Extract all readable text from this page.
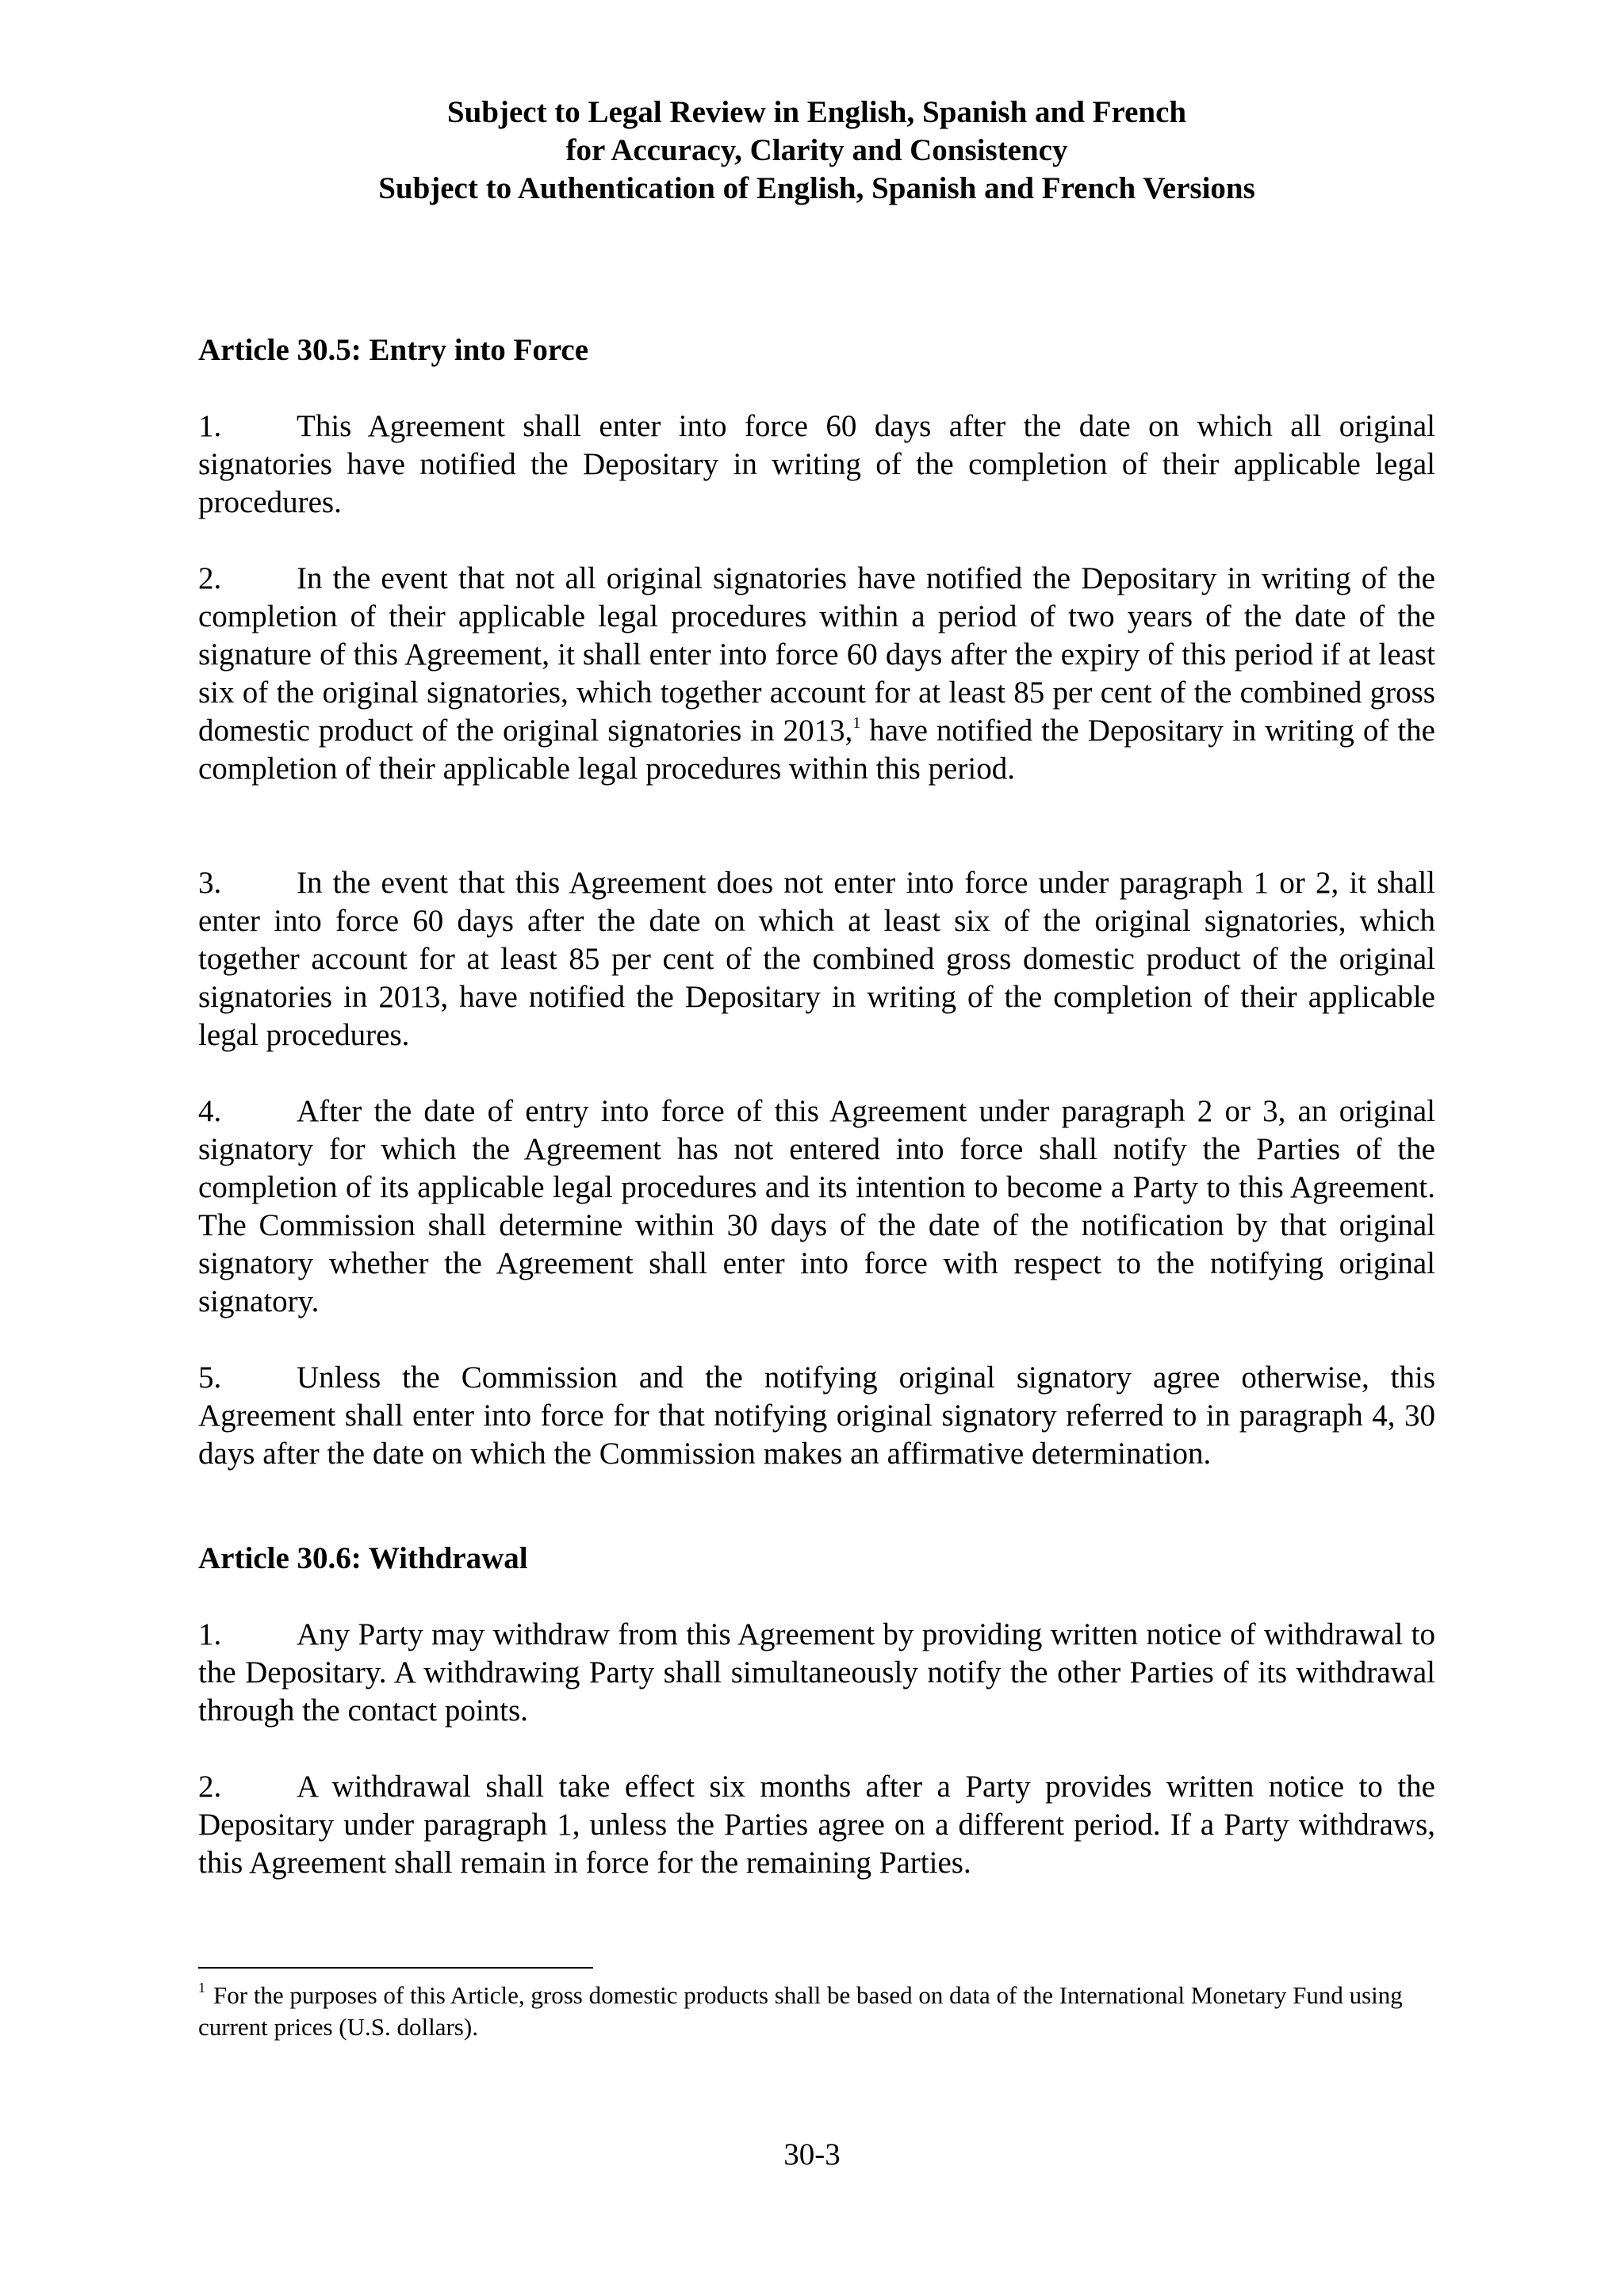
Subject to Legal Review in English, Spanish and French
for Accuracy, Clarity and Consistency
Subject to Authentication of English, Spanish and French Versions
Article 30.5: Entry into Force
1. This Agreement shall enter into force 60 days after the date on which all original signatories have notified the Depositary in writing of the completion of their applicable legal procedures.
2. In the event that not all original signatories have notified the Depositary in writing of the completion of their applicable legal procedures within a period of two years of the date of the signature of this Agreement, it shall enter into force 60 days after the expiry of this period if at least six of the original signatories, which together account for at least 85 per cent of the combined gross domestic product of the original signatories in 2013,$^1$ have notified the Depositary in writing of the completion of their applicable legal procedures within this period.
3. In the event that this Agreement does not enter into force under paragraph 1 or 2, it shall enter into force 60 days after the date on which at least six of the original signatories, which together account for at least 85 per cent of the combined gross domestic product of the original signatories in 2013, have notified the Depositary in writing of the completion of their applicable legal procedures.
4. After the date of entry into force of this Agreement under paragraph 2 or 3, an original signatory for which the Agreement has not entered into force shall notify the Parties of the completion of its applicable legal procedures and its intention to become a Party to this Agreement. The Commission shall determine within 30 days of the date of the notification by that original signatory whether the Agreement shall enter into force with respect to the notifying original signatory.
5. Unless the Commission and the notifying original signatory agree otherwise, this Agreement shall enter into force for that notifying original signatory referred to in paragraph 4, 30 days after the date on which the Commission makes an affirmative determination.
Article 30.6: Withdrawal
1. Any Party may withdraw from this Agreement by providing written notice of withdrawal to the Depositary. A withdrawing Party shall simultaneously notify the other Parties of its withdrawal through the contact points.
2. A withdrawal shall take effect six months after a Party provides written notice to the Depositary under paragraph 1, unless the Parties agree on a different period. If a Party withdraws, this Agreement shall remain in force for the remaining Parties.
$^1$ For the purposes of this Article, gross domestic products shall be based on data of the International Monetary Fund using current prices (U.S. dollars).
30-3
